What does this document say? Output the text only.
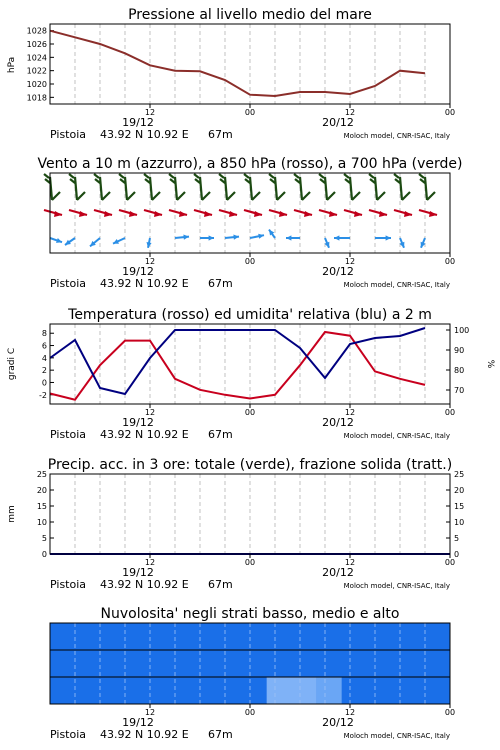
Pressione al livello medio del mare
hPa
1018
1020
1022
1024
1026
1028
12	00	12	00
19/12	20/12
Pistoia 43.92 N 10.92 E 67m	Moloch model, CNR-ISAC, Italy
Vento a 10 m (azzurro), a 850 hPa (rosso), a 700 hPa (verde)
12	00	12	00
19/12	20/12
Pistoia 43.92 N 10.92 E 67m	Moloch model, CNR-ISAC, Italy
Temperatura (rosso) ed umidita' relativa (blu) a 2 m
gradi C	%
-2
0
2
4
6
8
70
80
90
100
12	00	12	00
19/12	20/12
Pistoia 43.92 N 10.92 E 67m	Moloch model, CNR-ISAC, Italy
Precip. acc. in 3 ore: totale (verde), frazione solida (tratt.)
mm
0
5
10
15
20
25
0
5
10
15
20
25
12	00	12	00
19/12	20/12
Pistoia 43.92 N 10.92 E 67m	Moloch model, CNR-ISAC, Italy
Nuvolosita' negli strati basso, medio e alto
12	00	12	00
19/12	20/12
Pistoia 43.92 N 10.92 E 67m	Moloch model, CNR-ISAC, Italy
